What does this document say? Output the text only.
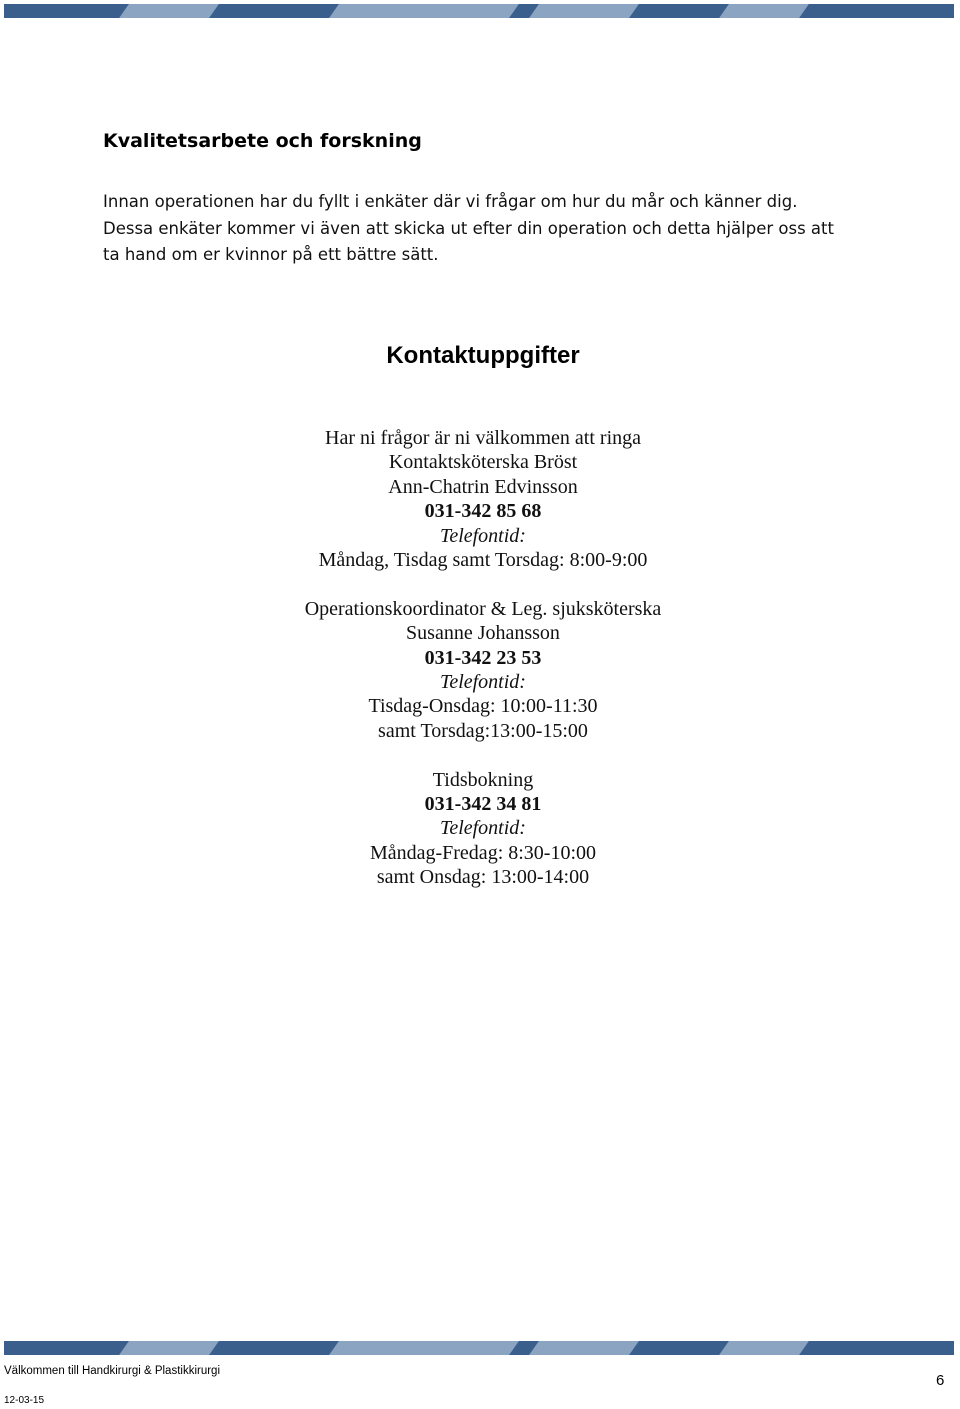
Kvalitetsarbete och forskning

Innan operationen har du fyllt i enkäter där vi frågar om hur du mår och känner dig.
Dessa enkäter kommer vi även att skicka ut efter din operation och detta hjälper oss att
ta hand om er kvinnor på ett bättre sätt.

Kontaktuppgifter
Har ni frågor är ni välkommen att ringa
Kontaktsköterska Bröst
Ann-Chatrin Edvinsson
031-342 85 68
Telefontid:
Måndag, Tisdag samt Torsdag: 8:00-9:00
Operationskoordinator & Leg. sjuksköterska
Susanne Johansson
031-342 23 53
Telefontid:
Tisdag-Onsdag: 10:00-11:30
samt Torsdag:13:00-15:00
Tidsbokning
031-342 34 81
Telefontid:
Måndag-Fredag: 8:30-10:00
samt Onsdag: 13:00-14:00
Välkommen till Handkirurgi & Plastikkirurgi
12-03-15
6
